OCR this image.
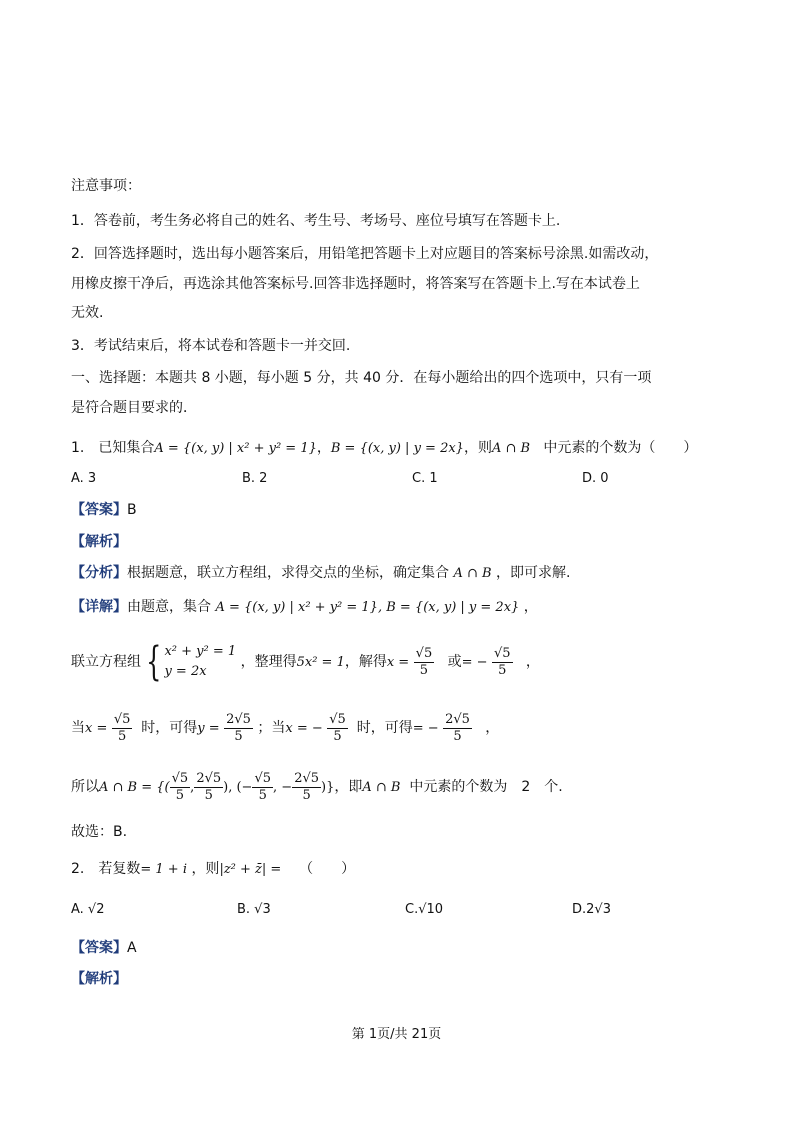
注意事项：
1．答卷前，考生务必将自己的姓名、考生号、考场号、座位号填写在答题卡上.
2．回答选择题时，选出每小题答案后，用铅笔把答题卡上对应题目的答案标号涂黑.如需改动，
用橡皮擦干净后，再选涂其他答案标号.回答非选择题时，将答案写在答题卡上.写在本试卷上
无效.
3．考试结束后，将本试卷和答题卡一并交回.
一、选择题：本题共 8 小题，每小题 5 分，共 40 分．在每小题给出的四个选项中，只有一项
是符合题目要求的．
1.　已知集合A = {(x, y) | x² + y² = 1}，B = {(x, y) | y = 2x}，则A ∩ B 中元素的个数为（　　）
A. 3	B. 2	C. 1	D. 0
【答案】B
【解析】
【分析】根据题意，联立方程组，求得交点的坐标，确定集合 A ∩ B ，即可求解.
【详解】由题意，集合 A = {(x, y) | x² + y² = 1}, B = {(x, y) | y = 2x} ，
联立方程组 { x² + y² = 1
y = 2x
，整理得5x² = 1，解得$x = \frac{√5}{5}$ 或= − $\frac{√5}{5}$ ，
当$x = \frac{√5}{5}$ 时，可得$y = \frac{2√5}{5}$ ；当x = − $\frac{√5}{5}$ 时，可得= − $\frac{2√5}{5}$ ，
所以A ∩ B = {( $\frac{√5}{5}$ , $\frac{2√5}{5}$ ), (− $\frac{√5}{5}$ , − $\frac{2√5}{5}$ )}，即A ∩ B 中元素的个数为　2　个.
故选：B.
2.　若复数= 1 + i ，则|z² + z̄| = （　　）
A. √2	B. √3	C.√10	D.2√3
【答案】A
【解析】
第 1页/共 21页
